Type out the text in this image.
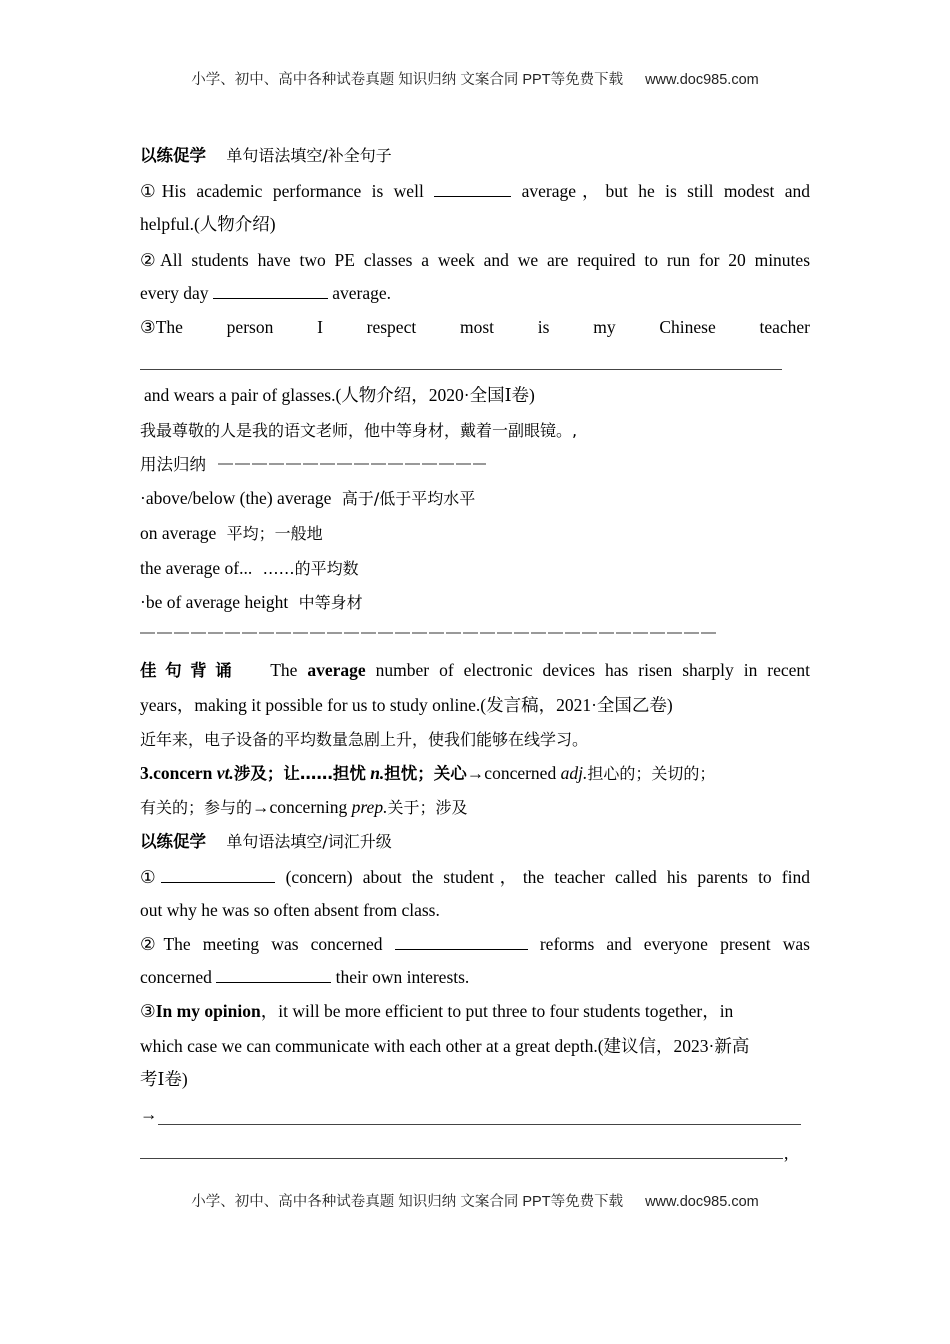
小学、初中、高中各种试卷真题 知识归纳 文案合同 PPT等免费下载 www.doc985.com
以练促学 单句语法填空/补全句子
①His academic performance is well	average，but he is still modest and
helpful.(人物介绍)
②All students have two PE classes a week and we are required to run for 20 minutes
every day	average.
③The	person	I	respect	most	is	my	Chinese	teacher
and wears a pair of glasses.(人物介绍，2020·全国Ⅰ卷)
我最尊敬的人是我的语文老师，他中等身材，戴着一副眼镜。,
用法归纳
·above/below (the) average 高于/低于平均水平
on average 平均；一般地
the average of... ……的平均数
·be of average height 中等身材
佳句背诵 The average number of electronic devices has risen sharply in recent
years，making it possible for us to study online.(发言稿，2021·全国乙卷)
近年来，电子设备的平均数量急剧上升，使我们能够在线学习。
3.concern vt.涉及；让……担忧 n.担忧；关心→concerned adj.担心的；关切的；
有关的；参与的→concerning prep.关于；涉及
以练促学 单句语法填空/词汇升级
①	(concern) about the student，the teacher called his parents to find
out why he was so often absent from class.
②The meeting was concerned	reforms and everyone present was
concerned	their own interests.
③In my opinion，it will be more efficient to put three to four students together，in
which case we can communicate with each other at a great depth.(建议信，2023·新高
考Ⅰ卷)
→
,
小学、初中、高中各种试卷真题 知识归纳 文案合同 PPT等免费下载 www.doc985.com
